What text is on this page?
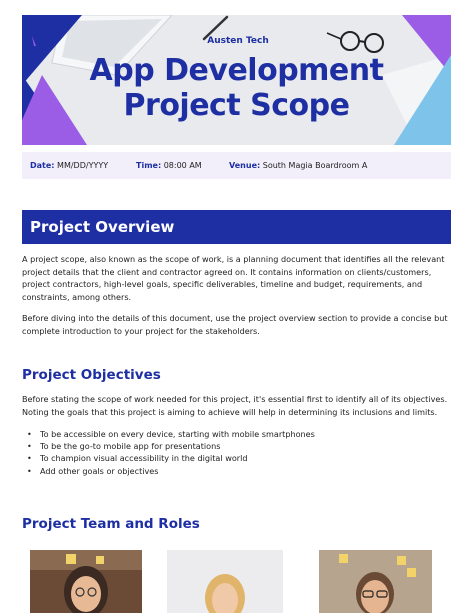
Austen Tech
App Development
Project Scope
Date: MM/DD/YYYY	Time: 08:00 AM	Venue: South Magia Boardroom A
Project Overview

A project scope, also known as the scope of work, is a planning document that identifies all the relevant project details that the client and contractor agreed on. It contains information on clients/customers, project contractors, high-level goals, specific deliverables, timeline and budget, requirements, and constraints, among others.

Before diving into the details of this document, use the project overview section to provide a concise but complete introduction to your project for the stakeholders.

Project Objectives

Before stating the scope of work needed for this project, it's essential first to identify all of its objectives. Noting the goals that this project is aiming to achieve will help in determining its inclusions and limits.

• To be accessible on every device, starting with mobile smartphones
• To be the go-to mobile app for presentations
• To champion visual accessibility in the digital world
• Add other goals or objectives
Project Team and Roles
